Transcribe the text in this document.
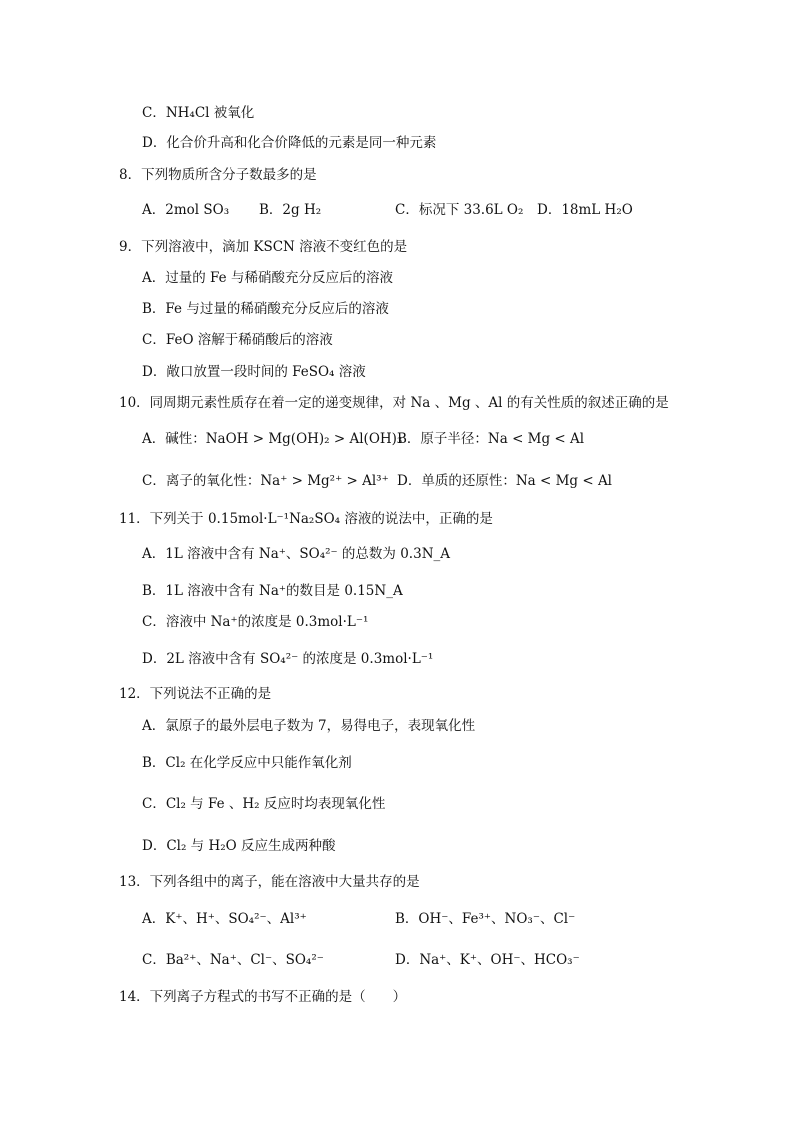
C．NH₄Cl 被氧化
D．化合价升高和化合价降低的元素是同一种元素
8．下列物质所含分子数最多的是
A．2mol SO₃ B．2g H₂	C．标况下 33.6L O₂ D．18mL H₂O
9．下列溶液中，滴加 KSCN 溶液不变红色的是
A．过量的 Fe 与稀硝酸充分反应后的溶液
B．Fe 与过量的稀硝酸充分反应后的溶液
C．FeO 溶解于稀硝酸后的溶液
D．敞口放置一段时间的 FeSO₄ 溶液
10．同周期元素性质存在着一定的递变规律，对 Na 、Mg 、Al 的有关性质的叙述正确的是
A．碱性：NaOH > Mg(OH)₂ > Al(OH)₃
B．原子半径：Na < Mg < Al
C．离子的氧化性：Na⁺ > Mg²⁺ > Al³⁺ D．单质的还原性：Na < Mg < Al
11．下列关于 0.15mol·L⁻¹Na₂SO₄ 溶液的说法中，正确的是
A．1L 溶液中含有 Na⁺、SO₄²⁻ 的总数为 0.3N_A
B．1L 溶液中含有 Na⁺的数目是 0.15N_A
C．溶液中 Na⁺的浓度是 0.3mol·L⁻¹
D．2L 溶液中含有 SO₄²⁻ 的浓度是 0.3mol·L⁻¹
12．下列说法不正确的是
A．氯原子的最外层电子数为 7，易得电子，表现氧化性
B．Cl₂ 在化学反应中只能作氧化剂
C．Cl₂ 与 Fe 、H₂ 反应时均表现氧化性
D．Cl₂ 与 H₂O 反应生成两种酸
13．下列各组中的离子，能在溶液中大量共存的是
A．K⁺、H⁺、SO₄²⁻、Al³⁺	B．OH⁻、Fe³⁺、NO₃⁻、Cl⁻
C．Ba²⁺、Na⁺、Cl⁻、SO₄²⁻	D．Na⁺、K⁺、OH⁻、HCO₃⁻
14．下列离子方程式的书写不正确的是（　　）
